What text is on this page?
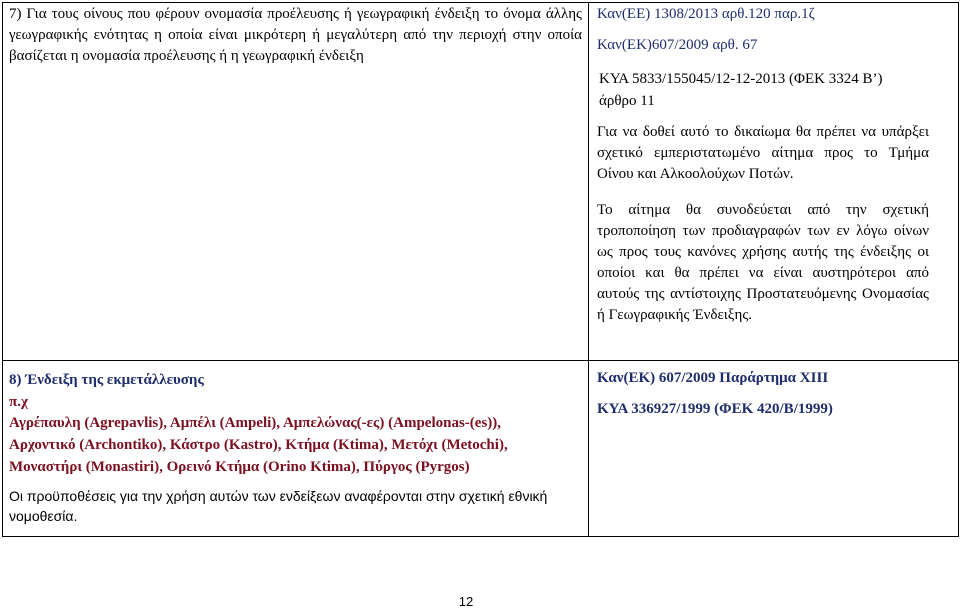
7) Για τους οίνους που φέρουν ονομασία προέλευσης ή γεωγραφική ένδειξη το όνομα άλλης γεωγραφικής ενότητας η οποία είναι μικρότερη ή μεγαλύτερη από την περιοχή στην οποία βασίζεται η ονομασία προέλευσης ή η γεωγραφική ένδειξη

Καν(ΕΕ) 1308/2013 αρθ.120 παρ.1ζ

Καν(ΕΚ)607/2009 αρθ. 67

ΚΥΑ 5833/155045/12-12-2013 (ΦΕΚ 3324 Β’)

άρθρο 11

Για να δοθεί αυτό το δικαίωμα θα πρέπει να υπάρξει σχετικό εμπεριστατωμένο αίτημα προς το Τμήμα Οίνου και Αλκοολούχων Ποτών.

Το αίτημα θα συνοδεύεται από την σχετική τροποποίηση των προδιαγραφών των εν λόγω οίνων ως προς τους κανόνες χρήσης αυτής της ένδειξης οι οποίοι και θα πρέπει να είναι αυστηρότεροι από αυτούς της αντίστοιχης Προστατευόμενης Ονομασίας ή Γεωγραφικής Ένδειξης.

8) Ένδειξη της εκμετάλλευσης

π.χ

Αγρέπαυλη (Agrepavlis), Αμπέλι (Ampeli), Αμπελώνας(-ες) (Ampelonas-(es)), Αρχοντικό (Archontiko), Κάστρο (Kastro), Κτήμα (Ktima), Μετόχι (Metochi), Μοναστήρι (Monastiri), Ορεινό Κτήμα (Orino Ktima), Πύργος (Pyrgos)

Οι προϋποθέσεις για την χρήση αυτών των ενδείξεων αναφέρονται στην σχετική εθνική νομοθεσία.

Καν(ΕΚ) 607/2009 Παράρτημα XIII

ΚΥΑ 336927/1999 (ΦΕΚ 420/Β/1999)

12
